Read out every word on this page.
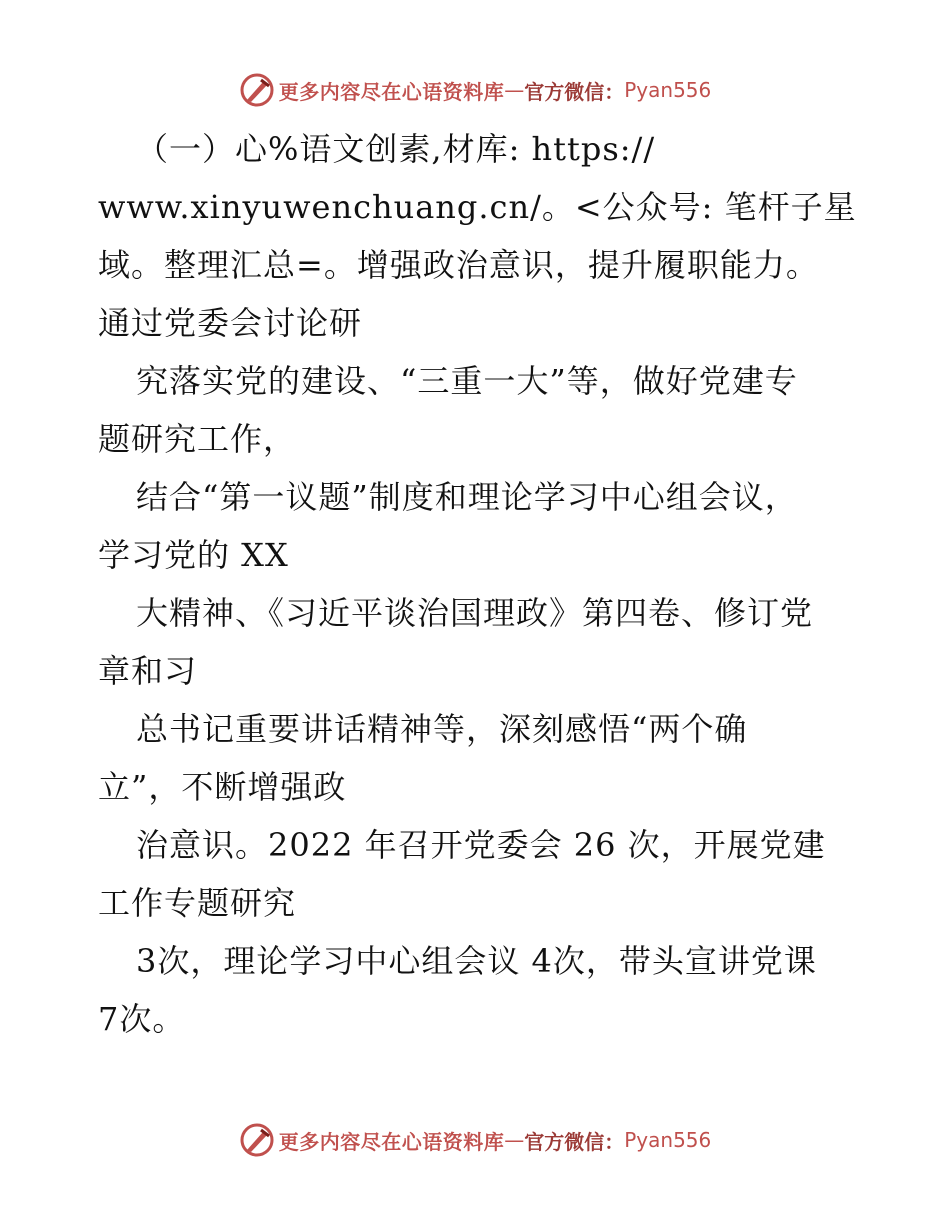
更多内容尽在心语资料库 — 官方微信： Pyan556
（一）心%语文创素,材库: https://
www.xinyuwenchuang.cn/。<公众号: 笔杆子星
域。整理汇总=。增强政治意识，提升履职能力。
通过党委会讨论研
究落实党的建设、“三重一大”等，做好党建专
题研究工作，
结合“第一议题”制度和理论学习中心组会议，
学习党的 XX
大精神、《习近平谈治国理政》第四卷、修订党
章和习
总书记重要讲话精神等，深刻感悟“两个确
立”，不断增强政
治意识。2022 年召开党委会 26 次，开展党建
工作专题研究
3次，理论学习中心组会议 4次，带头宣讲党课
7次。
更多内容尽在心语资料库 — 官方微信： Pyan556
